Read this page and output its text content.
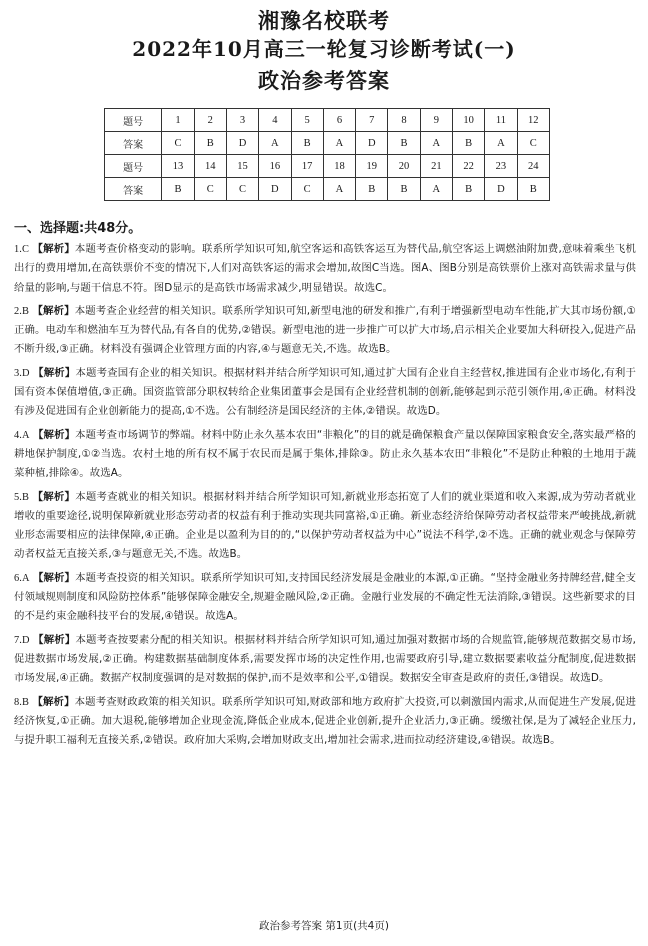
湘豫名校联考
2022年10月高三一轮复习诊断考试(一)
政治参考答案
题号	1	2	3	4	5	6	7	8	9	10	11	12
答案	C	B	D	A	B	A	D	B	A	B	A	C
题号	13	14	15	16	17	18	19	20	21	22	23	24
答案	B	C	C	D	C	A	B	B	A	B	D	B
一、选择题:共48分。

1.C 【解析】本题考查价格变动的影响。联系所学知识可知,航空客运和高铁客运互为替代品,航空客运上调燃油附加费,意味着乘坐飞机出行的费用增加,在高铁票价不变的情况下,人们对高铁客运的需求会增加,故图C当选。图A、图B分别是高铁票价上涨对高铁需求量与供给量的影响,与题干信息不符。图D显示的是高铁市场需求减少,明显错误。故选C。

2.B 【解析】本题考查企业经营的相关知识。联系所学知识可知,新型电池的研发和推广,有利于增强新型电动车性能,扩大其市场份额,①正确。电动车和燃油车互为替代品,有各自的优势,②错误。新型电池的进一步推广可以扩大市场,启示相关企业要加大科研投入,促进产品不断升级,③正确。材料没有强调企业管理方面的内容,④与题意无关,不选。故选B。

3.D 【解析】本题考查国有企业的相关知识。根据材料并结合所学知识可知,通过扩大国有企业自主经营权,推进国有企业市场化,有利于国有资本保值增值,③正确。国资监管部分职权转给企业集团董事会是国有企业经营机制的创新,能够起到示范引领作用,④正确。材料没有涉及促进国有企业创新能力的提高,①不选。公有制经济是国民经济的主体,②错误。故选D。

4.A 【解析】本题考查市场调节的弊端。材料中防止永久基本农田“非粮化”的目的就是确保粮食产量以保障国家粮食安全,落实最严格的耕地保护制度,①②当选。农村土地的所有权不属于农民而是属于集体,排除③。防止永久基本农田“非粮化”不是防止种粮的土地用于蔬菜种植,排除④。故选A。

5.B 【解析】本题考查就业的相关知识。根据材料并结合所学知识可知,新就业形态拓宽了人们的就业渠道和收入来源,成为劳动者就业增收的重要途径,说明保障新就业形态劳动者的权益有利于推动实现共同富裕,①正确。新业态经济给保障劳动者权益带来严峻挑战,新就业形态需要相应的法律保障,④正确。企业是以盈利为目的的,“以保护劳动者权益为中心”说法不科学,②不选。正确的就业观念与保障劳动者权益无直接关系,③与题意无关,不选。故选B。

6.A 【解析】本题考查投资的相关知识。联系所学知识可知,支持国民经济发展是金融业的本源,①正确。“坚持金融业务持牌经营,健全支付领域规则制度和风险防控体系”能够保障金融安全,规避金融风险,②正确。金融行业发展的不确定性无法消除,③错误。这些新要求的目的不是约束金融科技平台的发展,④错误。故选A。

7.D 【解析】本题考查按要素分配的相关知识。根据材料并结合所学知识可知,通过加强对数据市场的合规监管,能够规范数据交易市场,促进数据市场发展,②正确。构建数据基础制度体系,需要发挥市场的决定性作用,也需要政府引导,建立数据要素收益分配制度,促进数据市场发展,④正确。数据产权制度强调的是对数据的保护,而不是效率和公平,①错误。数据安全审查是政府的责任,③错误。故选D。

8.B 【解析】本题考查财政政策的相关知识。联系所学知识可知,财政部和地方政府扩大投资,可以刺激国内需求,从而促进生产发展,促进经济恢复,①正确。加大退税,能够增加企业现金流,降低企业成本,促进企业创新,提升企业活力,③正确。缓缴社保,是为了减轻企业压力,与提升职工福利无直接关系,②错误。政府加大采购,会增加财政支出,增加社会需求,进而拉动经济建设,④错误。故选B。

政治参考答案 第1页(共4页)
